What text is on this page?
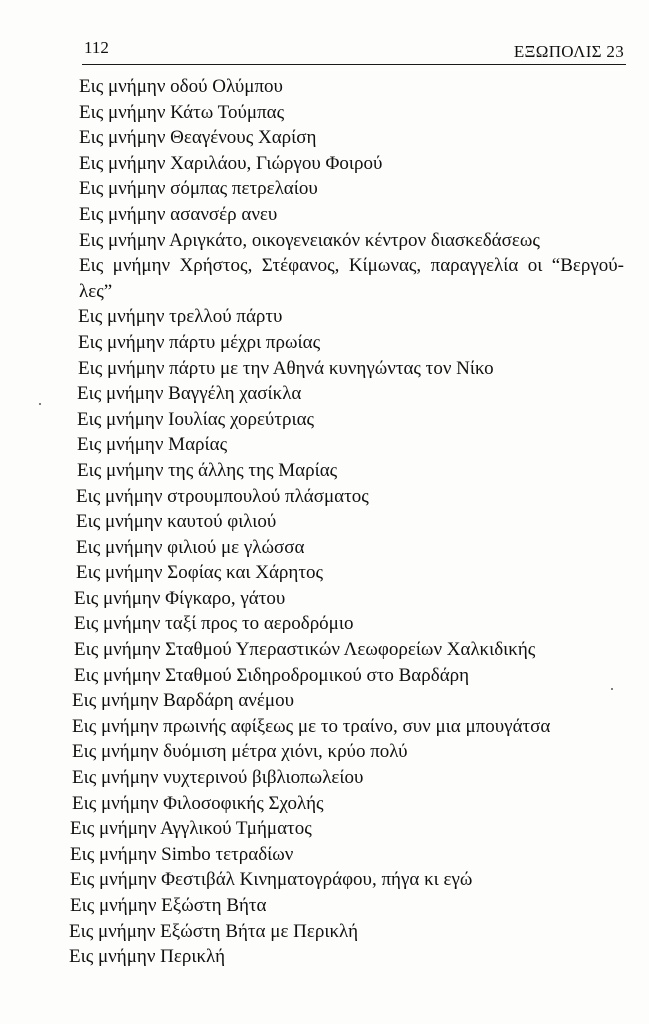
112	ΕΞΩΠΟΛΙΣ 23
Εις μνήμην οδού Ολύμπου
Εις μνήμην Κάτω Τούμπας
Εις μνήμην Θεαγένους Χαρίση
Εις μνήμην Χαριλάου, Γιώργου Φοιρού
Εις μνήμην σόμπας πετρελαίου
Εις μνήμην ασανσέρ ανευ
Εις μνήμην Αριγκάτο, οικογενειακόν κέντρον διασκεδάσεως
Εις μνήμην Χρήστος, Στέφανος, Κίμωνας, παραγγελία οι “Βεργού-λες”
Εις μνήμην τρελλού πάρτυ
Εις μνήμην πάρτυ μέχρι πρωίας
Εις μνήμην πάρτυ με την Αθηνά κυνηγώντας τον Νίκο
Εις μνήμην Βαγγέλη χασίκλα
Εις μνήμην Ιουλίας χορεύτριας
Εις μνήμην Μαρίας
Εις μνήμην της άλλης της Μαρίας
Εις μνήμην στρουμπουλού πλάσματος
Εις μνήμην καυτού φιλιού
Εις μνήμην φιλιού με γλώσσα
Εις μνήμην Σοφίας και Χάρητος
Εις μνήμην Φίγκαρο, γάτου
Εις μνήμην ταξί προς το αεροδρόμιο
Εις μνήμην Σταθμού Υπεραστικών Λεωφορείων Χαλκιδικής
Εις μνήμην Σταθμού Σιδηροδρομικού στο Βαρδάρη
Εις μνήμην Βαρδάρη ανέμου
Εις μνήμην πρωινής αφίξεως με το τραίνο, συν μια μπουγάτσα
Εις μνήμην δυόμιση μέτρα χιόνι, κρύο πολύ
Εις μνήμην νυχτερινού βιβλιοπωλείου
Εις μνήμην Φιλοσοφικής Σχολής
Εις μνήμην Αγγλικού Τμήματος
Εις μνήμην Simbo τετραδίων
Εις μνήμην Φεστιβάλ Κινηματογράφου, πήγα κι εγώ
Εις μνήμην Εξώστη Βήτα
Εις μνήμην Εξώστη Βήτα με Περικλή
Εις μνήμην Περικλή
